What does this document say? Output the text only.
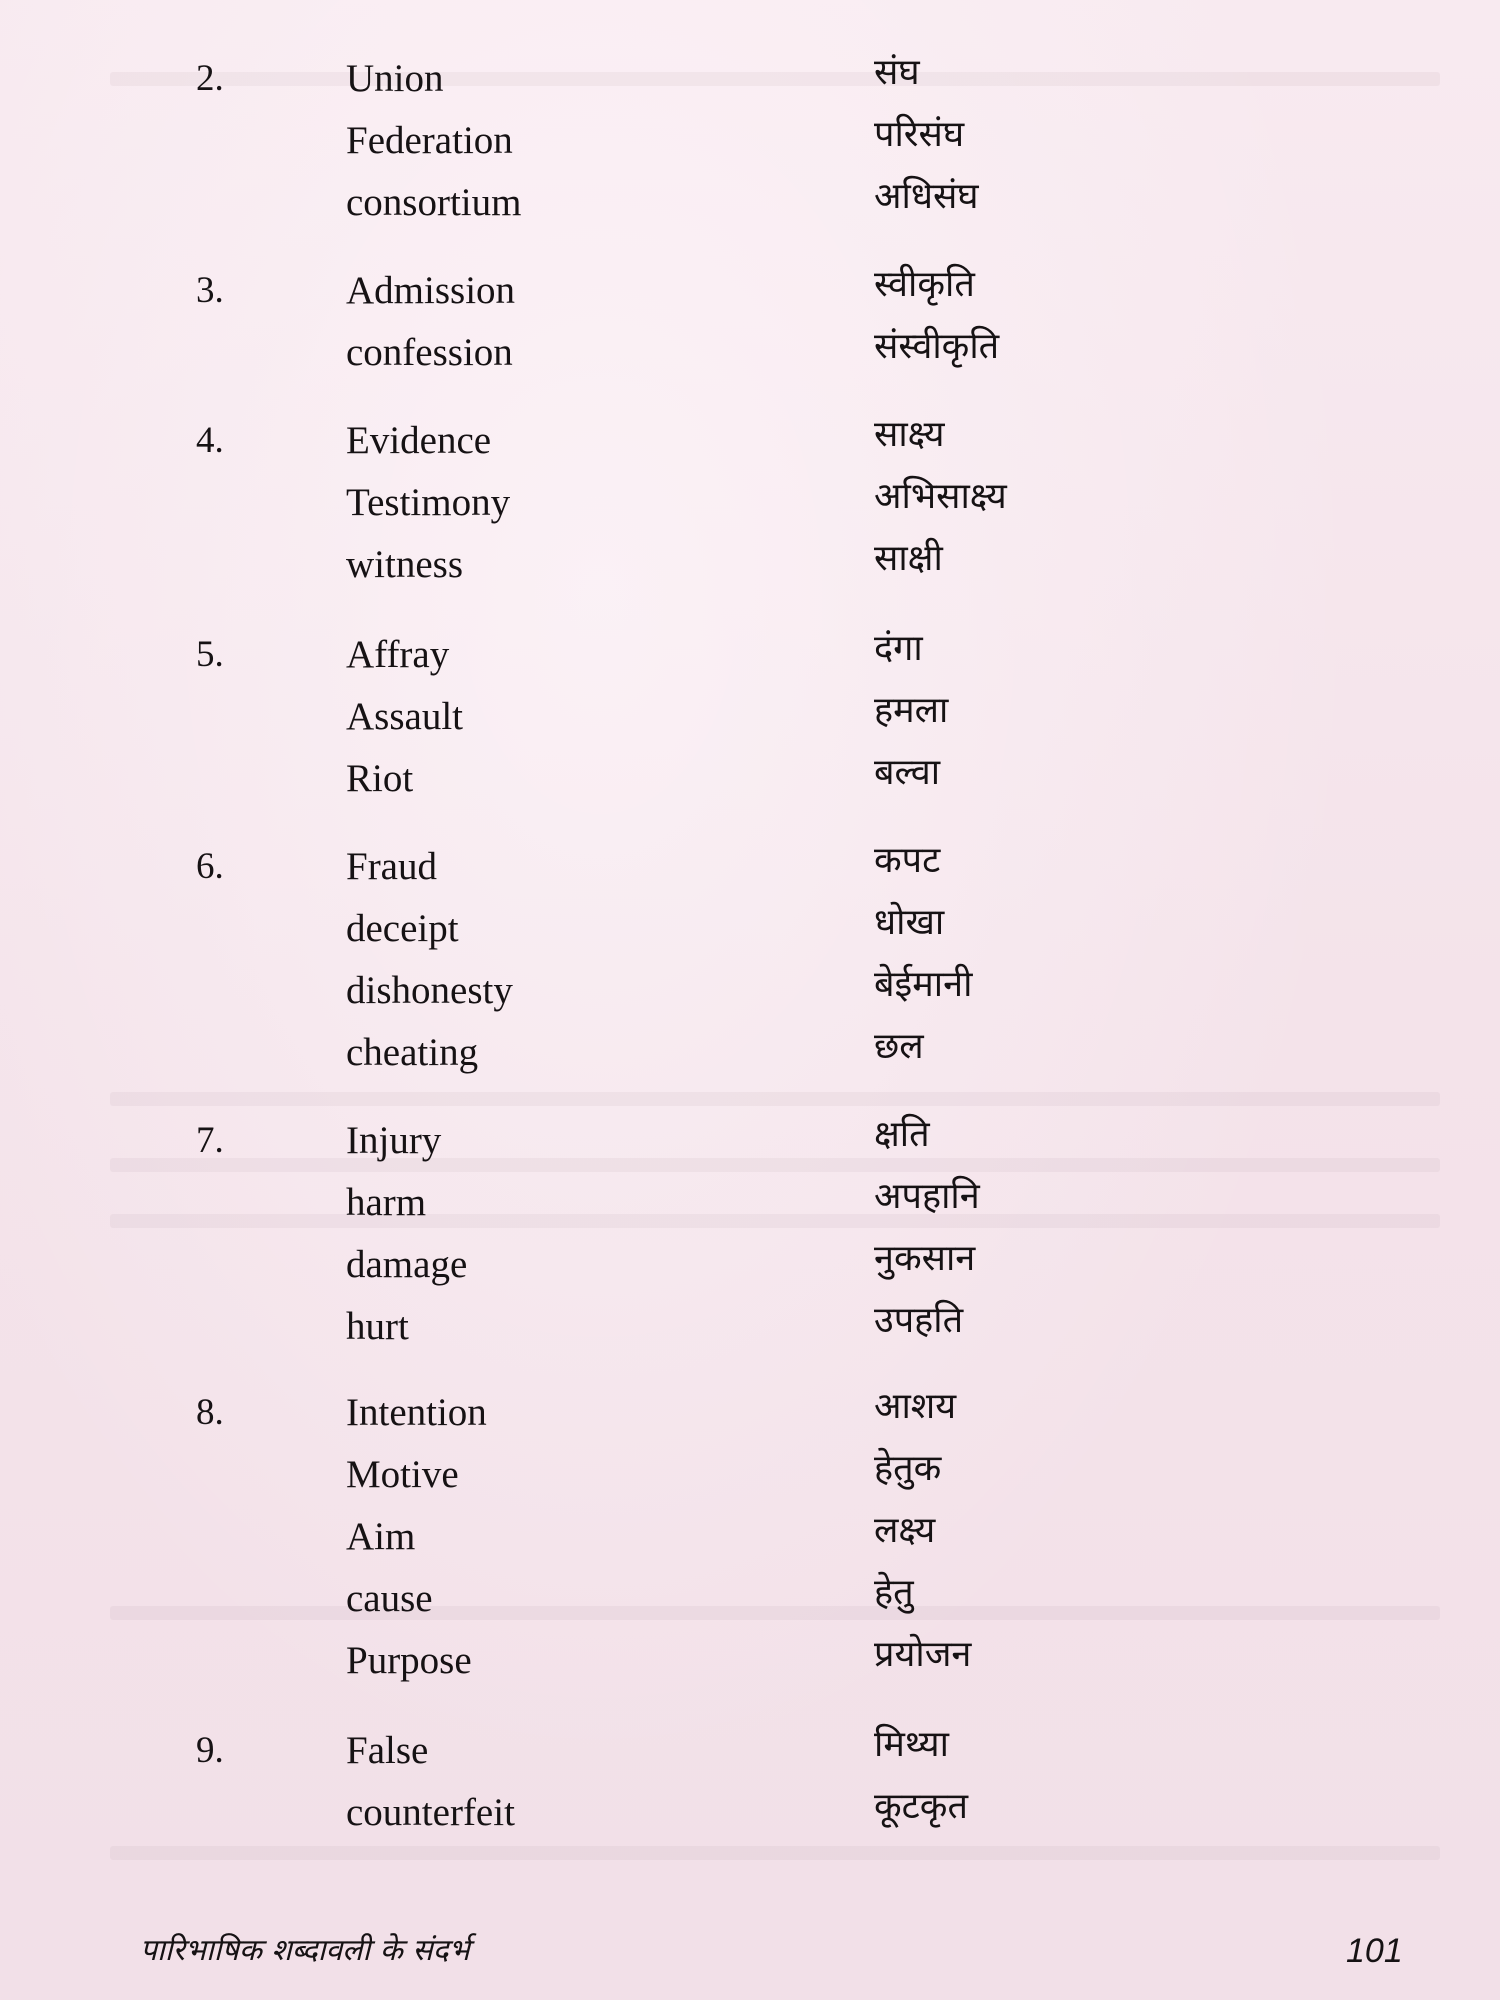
2.	Union	संघ
Federation	परिसंघ
consortium	अधिसंघ
3.	Admission	स्वीकृति
confession	संस्वीकृति
4.	Evidence	साक्ष्य
Testimony	अभिसाक्ष्य
witness	साक्षी
5.	Affray	दंगा
Assault	हमला
Riot	बल्वा
6.	Fraud	कपट
deceipt	धोखा
dishonesty	बेईमानी
cheating	छल
7.	Injury	क्षति
harm	अपहानि
damage	नुकसान
hurt	उपहति
8.	Intention	आशय
Motive	हेतुक
Aim	लक्ष्य
cause	हेतु
Purpose	प्रयोजन
9.	False	मिथ्या
counterfeit	कूटकृत
पारिभाषिक शब्दावली के संदर्भ	101
